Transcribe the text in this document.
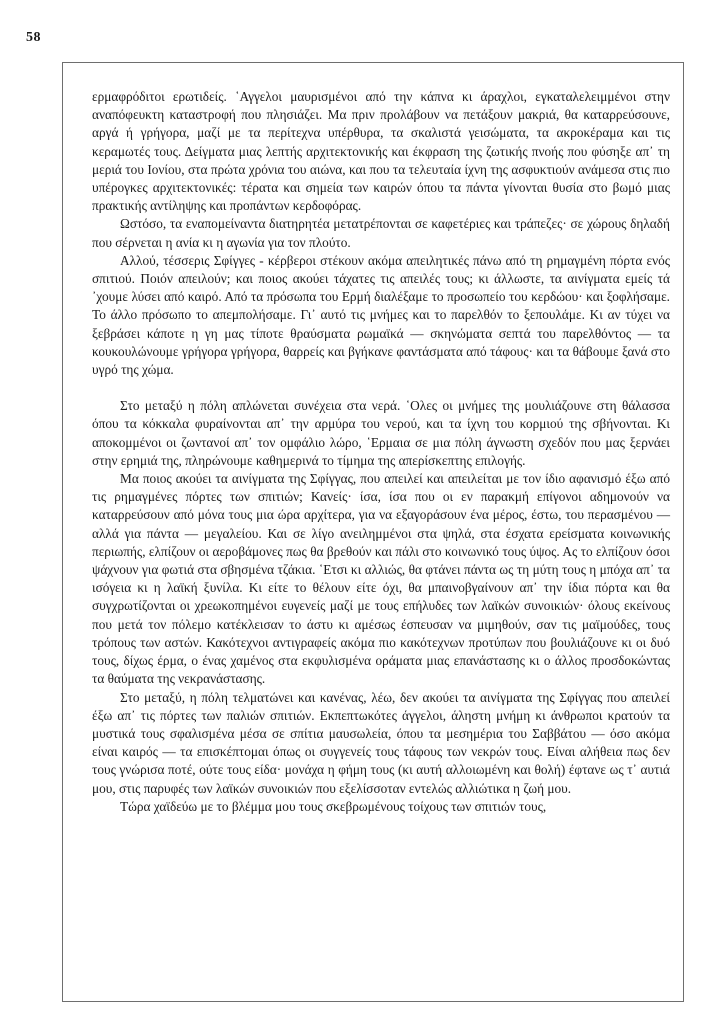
58

ερμαφρόδιτοι ερωτιδείς. ῾Αγγελοι μαυρισμένοι από την κάπνα κι άραχλοι, εγκαταλελειμμένοι στην αναπόφευκτη καταστροφή που πλησιάζει. Μα πριν προλάβουν να πετάξουν μακριά, θα καταρρεύσουνε, αργά ή γρήγορα, μαζί με τα περίτεχνα υπέρθυρα, τα σκαλιστά γεισώματα, τα ακροκέραμα και τις κεραμωτές τους. Δείγματα μιας λεπτής αρχιτεκτονικής και έκφραση της ζωτικής πνοής που φύσηξε απ᾽ τη μεριά του Ιονίου, στα πρώτα χρόνια του αιώνα, και που τα τελευταία ίχνη της ασφυκτιούν ανάμεσα στις πιο υπέρογκες αρχιτεκτονικές: τέρατα και σημεία των καιρών όπου τα πάντα γίνονται θυσία στο βωμό μιας πρακτικής αντίληψης και προπάντων κερδοφόρας.

Ωστόσο, τα εναπομείναντα διατηρητέα μετατρέπονται σε καφετέριες και τράπεζες· σε χώρους δηλαδή που σέρνεται η ανία κι η αγωνία για τον πλούτο.

Αλλού, τέσσερις Σφίγγες - κέρβεροι στέκουν ακόμα απειλητικές πάνω από τη ρημαγμένη πόρτα ενός σπιτιού. Ποιόν απειλούν; και ποιος ακούει τάχατες τις απειλές τους; κι άλλωστε, τα αινίγματα εμείς τά ᾽χουμε λύσει από καιρό. Από τα πρόσωπα του Ερμή διαλέξαμε το προσωπείο του κερδώου· και ξοφλήσαμε. Το άλλο πρόσωπο το απεμπολήσαμε. Γι᾽ αυτό τις μνήμες και το παρελθόν το ξεπουλάμε. Κι αν τύχει να ξεβράσει κάποτε η γη μας τίποτε θραύσματα ρωμαϊκά — σκηνώματα σεπτά του παρελθόντος — τα κουκουλώνουμε γρήγορα γρήγορα, θαρρείς και βγήκανε φαντάσματα από τάφους· και τα θάβουμε ξανά στο υγρό της χώμα.

Στο μεταξύ η πόλη απλώνεται συνέχεια στα νερά. ῾Ολες οι μνήμες της μουλιάζουνε στη θάλασσα όπου τα κόκκαλα φυραίνονται απ᾽ την αρμύρα του νερού, και τα ίχνη του κορμιού της σβήνονται. Κι αποκομμένοι οι ζωντανοί απ᾽ τον ομφάλιο λώρο, ῾Ερμαια σε μια πόλη άγνωστη σχεδόν που μας ξερνάει στην ερημιά της, πληρώνουμε καθημερινά το τίμημα της απερίσκεπτης επιλογής.

Μα ποιος ακούει τα αινίγματα της Σφίγγας, που απειλεί και απειλείται με τον ίδιο αφανισμό έξω από τις ρημαγμένες πόρτες των σπιτιών; Κανείς· ίσα, ίσα που οι εν παρακμή επίγονοι αδημονούν να καταρρεύσουν από μόνα τους μια ώρα αρχίτερα, για να εξαγοράσουν ένα μέρος, έστω, του περασμένου — αλλά για πάντα — μεγαλείου. Και σε λίγο ανειλημμένοι στα ψηλά, στα έσχατα ερείσματα κοινωνικής περιωπής, ελπίζουν οι αεροβάμονες πως θα βρεθούν και πάλι στο κοινωνικό τους ύψος. Ας το ελπίζουν όσοι ψάχνουν για φωτιά στα σβησμένα τζάκια. ῾Ετσι κι αλλιώς, θα φτάνει πάντα ως τη μύτη τους η μπόχα απ᾽ τα ισόγεια κι η λαϊκή ξυνίλα. Κι είτε το θέλουν είτε όχι, θα μπαινοβγαίνουν απ᾽ την ίδια πόρτα και θα συγχρωτίζονται οι χρεωκοπημένοι ευγενείς μαζί με τους επήλυδες των λαϊκών συνοικιών· όλους εκείνους που μετά τον πόλεμο κατέκλεισαν το άστυ κι αμέσως έσπευσαν να μιμηθούν, σαν τις μαϊμούδες, τους τρόπους των αστών. Κακότεχνοι αντιγραφείς ακόμα πιο κακότεχνων προτύπων που βουλιάζουνε κι οι δυό τους, δίχως έρμα, ο ένας χαμένος στα εκφυλισμένα οράματα μιας επανάστασης κι ο άλλος προσδοκώντας τα θαύματα της νεκρανάστασης.

Στο μεταξύ, η πόλη τελματώνει και κανένας, λέω, δεν ακούει τα αινίγματα της Σφίγγας που απειλεί έξω απ᾽ τις πόρτες των παλιών σπιτιών. Εκπεπτωκότες άγγελοι, άληστη μνήμη κι άνθρωποι κρατούν τα μυστικά τους σφαλισμένα μέσα σε σπίτια μαυσωλεία, όπου τα μεσημέρια του Σαββάτου — όσο ακόμα είναι καιρός — τα επισκέπτομαι όπως οι συγγενείς τους τάφους των νεκρών τους. Είναι αλήθεια πως δεν τους γνώρισα ποτέ, ούτε τους είδα· μονάχα η φήμη τους (κι αυτή αλλοιωμένη και θολή) έφτανε ως τ᾽ αυτιά μου, στις παρυφές των λαϊκών συνοικιών που εξελίσσοταν εντελώς αλλιώτικα η ζωή μου.

Τώρα χαϊδεύω με το βλέμμα μου τους σκεβρωμένους τοίχους των σπιτιών τους,
